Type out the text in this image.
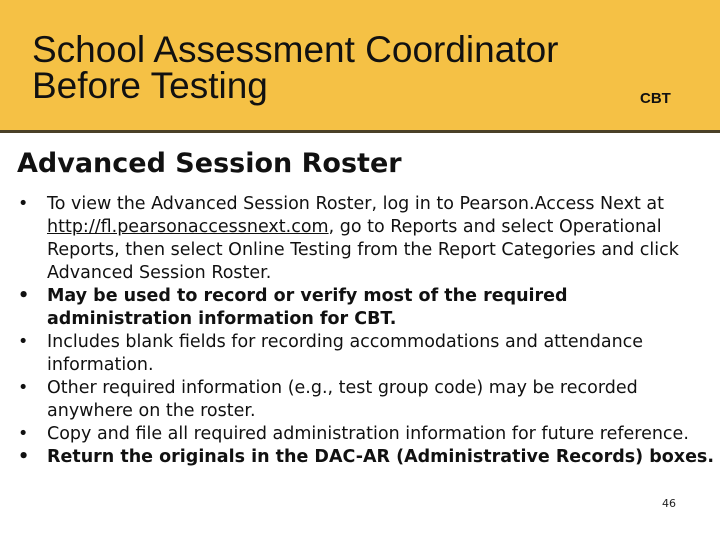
School Assessment Coordinator
Before Testing	CBT
Advanced Session Roster
• To view the Advanced Session Roster, log in to Pearson.Access Next at http://fl.pearsonaccessnext.com, go to Reports and select Operational Reports, then select Online Testing from the Report Categories and click Advanced Session Roster.
• May be used to record or verify most of the required administration information for CBT.
• Includes blank fields for recording accommodations and attendance information.
• Other required information (e.g., test group code) may be recorded anywhere on the roster.
• Copy and file all required administration information for future reference.
• Return the originals in the DAC-AR (Administrative Records) boxes.
46
